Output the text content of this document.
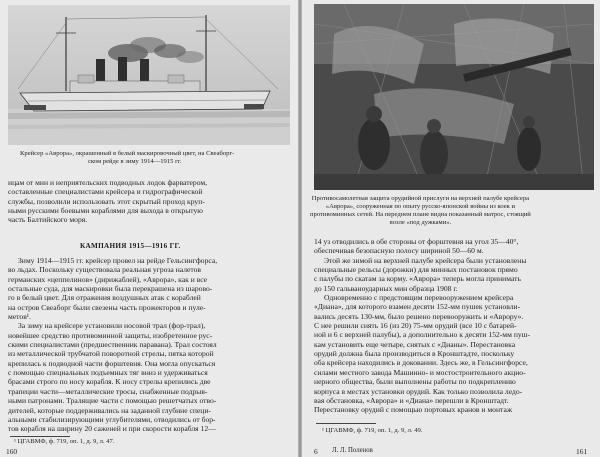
Крейсер «Аврора», окрашенный в белый маскировочный цвет, на Свеаборг-
ском рейде в зиму 1914—1915 гг.
ицам от мин и неприятельских подводных лодок фарватером,
составленные специалистами крейсера и гидрографической
службы, позволили использовать этот скрытый проход круп-
ными русскими боевыми кораблями для выхода в открытую
часть Балтийского моря.
КАМПАНИЯ 1915—1916 ГГ.
Зиму 1914—1915 гг. крейсер провел на рейде Гельсингфорса,
во льдах. Поскольку существовала реальная угроза налетов
германских «цеппелинов» (дирижаблей), «Аврора», как и все
остальные суда, для маскировки была перекрашена из шарово-
го в белый цвет. Для отражения воздушных атак с кораблей
на остров Свеаборг были свезены часть прожекторов и пуле-
метов¹.
За зиму на крейсере установили носовой трал (фор-трал),
новейшее средство противоминной защиты, изобретенное рус-
скими специалистами (предшественник паравана). Трал состоял
из металлической трубчатой поворотной стрелы, пятка которой
крепилась к подводной части форштевня. Она могла опускаться
с помощью специальных подъемных тяг вниз и удерживаться
брасами строго по носу корабля. К носу стрелы крепились две
трапеции части—металлические тросы, снабженные подрыв-
ными патронами. Тралящие части с помощью решетчатых отво-
дителей, которые поддерживались на заданной глубине специ-
альными стабилизирующими углубителями, отводились от бор-
тов корабля на ширину 20 саженей и при скорости корабля 12—
¹ ЦГАВМФ, ф. 719, оп. 1, д. 9, л. 47.
160
Противосамолетная защита орудийной прислуги на верхней палубе крейсера
«Аврора», сооруженная по опыту русско-японской войны из коек и
противоминных сетей. На переднем плане видна показанный матрос, стоящий
возле «под дужками».
14 уз отводились в обе стороны от форштевня на угол 35—40°,
обеспечивая безопасную полосу шириной 50—60 м.
Этой же зимой на верхней палубе крейсера были установлены
специальные рельсы (дорожки) для минных постановок прямо
с палубы по скатам за корму. «Аврора» теперь могла принимать
до 150 гальваноударных мин образца 1908 г.
Одновременно с предстоящим перевооружением крейсера
«Диана», для которого взамен десяти 152-мм пушек установли-
вались десять 130-мм, было решено перевооружить и «Аврору».
С нее решили снять 16 (из 20) 75-мм орудий (все 10 с батарей-
ной и 6 с верхней палубы), а дополнительно к десяти 152-мм пуш-
кам установить еще четыре, снятых с «Дианы». Перестановка
орудий должна была производиться в Кронштадте, поскольку
оба крейсера находились в доковании. Здесь же, в Гельсингфорсе,
силами местного завода Машинно- и мостостроительного акцио-
нерного общества, были выполнены работы по подкреплению
корпуса в местах установки орудий. Как только позволила ледо-
вая обстановка, «Аврора» и «Диана» перешли в Кронштадт.
Перестановку орудий с помощью портовых кранов и монтаж
¹ ЦГАВМФ, ф. 719, оп. 1, д. 9, л. 49.
6 Л. Л. Поленов	161
